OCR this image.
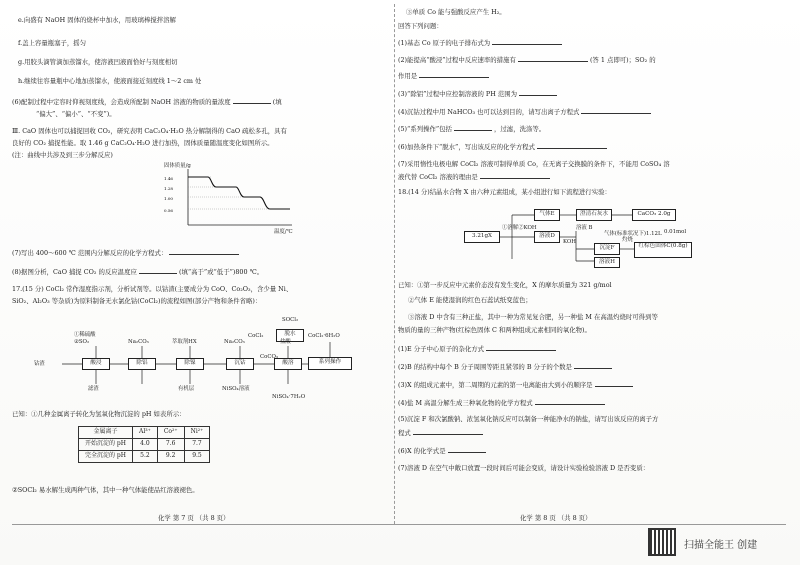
e.向盛有 NaOH 固体的烧杯中加水，用玻璃棒搅拌溶解
f.盖上容量瓶塞子，摇匀
g.用胶头滴管滴加蒸馏水，使溶液凹液面恰好与刻度相切
h.继续往容量瓶中心地加蒸馏水，使液面接近刻度线 1～2 cm 处
(6)配制过程中定容时仰视刻度线，会造成所配制 NaOH 溶液的物质的量浓度	(填
“偏大”、“偏小”、“不变”)。
Ⅲ. CaO 固体也可以捕捉回收 CO₂，研究表明 CaC₂O₄·H₂O 热分解制得的 CaO 疏松多孔，具有
良好的 CO₂ 捕捉性能。取 1.46 g CaC₂O₄·H₂O 进行加热，固体质量随温度变化如图所示。
(注：曲线中共涉及到三步分解反应)
1.46
1.28
1.00
0.56
固体质量/g
温度/℃
(7)写出 400～600 ℃ 范围内分解反应的化学方程式：
(8)据图分析，CaO 捕捉 CO₂ 的反应温度应	(填“高于”或“低于”)800 ℃。
17.(15 分) CoCl₂ 常作湿度指示剂，分析试剂等。以钴渣(主要成分为 CoO、Co₂O₃，含少量 Ni、
SiO₂、Al₂O₃ 等杂质)为原料制备无水氯化钴(CoCl₂)的流程如图(部分产物和条件省略)：
钴渣	酸浸	除铝	除镍	沉钴	酸溶	系列操作
脱水
①稀硫酸
②SO₂	Na₂CO₃	萃取剂HX	Na₂CO₃	盐酸
SOCl₂
CoCl₂	CoCl₂·6H₂O
滤渣	有机层	NiSO₄溶液
CoCO₃
NiSO₄·7H₂O
已知：①几种金属离子转化为氢氧化物沉淀的 pH 如表所示：
金属离子	Al³⁺	Co²⁺	Ni²⁺
开始沉淀的 pH	4.0	7.6	7.7
完全沉淀的 pH	5.2	9.2	9.5
②SOCl₂ 易水解生成两种气体，其中一种气体能使品红溶液褪色。
化学 第 7 页 （共 8 页）
③单质 Co 能与强酸反应产生 H₂。
回答下列问题：
(1)基态 Co 原子的电子排布式为
(2)能提高“酸浸”过程中反应速率的措施有	(答 1 点即可)；SO₂ 的
作用是
(3)“除铝”过程中应控制溶液的 PH 范围为
(4)沉钴过程中用 NaHCO₃ 也可以达到目的，请写出离子方程式
(5)“系列操作”包括	，过滤，洗涤等。
(6)加热条件下“脱水”，写出该反应的化学方程式
(7)采用惰性电极电解 CoCl₂ 溶液可制得单质 Co，在无离子交换膜的条件下，不能用 CoSO₄ 溶
液代替 CoCl₂ 溶液的理由是
18.(14 分)结晶水合物 X 由六种元素组成，某小组进行如下流程进行实验：
3.21gX
①溶解②KOH
气体E
溶液D
沉淀F
溶液H
澄清石灰水	CaCO₃ 2.0g
溶液 B
气体(标准状况下)1.12L
红棕色固体C(0.8g)
KOH	灼烧
0.01mol
已知：①第一步反应中元素价态没有发生变化，X 的摩尔质量为 321 g/mol
②气体 E 能使湿润的红色石蕊试纸变蓝色；
③溶液 D 中含有三种正盐，其中一种为常见复合肥，另一种盐 M 在高温灼烧时可得到等
物质的量的三种产物(红棕色固体 C 和两种组成元素相同的氧化物)。
(1)E 分子中心原子的杂化方式
(2)B 的结构中每个 B 分子周围等距且紧邻的 B 分子的个数是
(3)X 的组成元素中，第二周期的元素的第一电离能由大到小的顺序是
(4)盐 M 高温分解生成三种氧化物的化学方程式
(5)沉淀 F 和次氯酸钠、浓氢氧化钠反应可以制备一种能净水的钠盐，请写出该反应的离子方
程式
(6)X 的化学式是
(7)溶液 D 在空气中敞口放置一段时间后可能会变质，请设计实验检验溶液 D 是否变质：
化学 第 8 页 （共 8 页）
扫描全能王 创建
